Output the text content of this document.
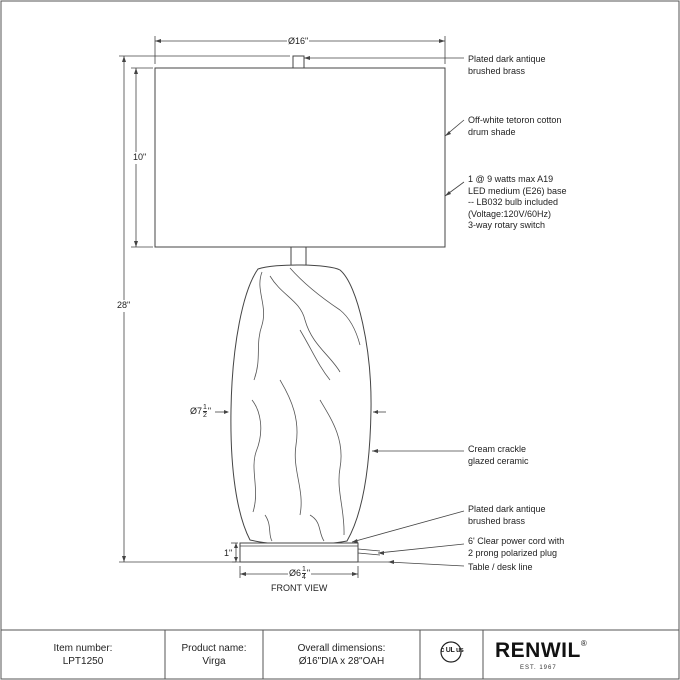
Ø16"
10"
28"
Ø7 $\frac{1}{2}$ "
1"
Ø6 $\frac{1}{4}$ "
FRONT VIEW
Plated dark antique
brushed brass
Off-white tetoron cotton
drum shade
1 @ 9 watts max A19
LED medium (E26) base
-- LB032 bulb included
(Voltage:120V/60Hz)
3-way rotary switch
Cream crackle
glazed ceramic
Plated dark antique
brushed brass
6' Clear power cord with
2 prong polarized plug
Table / desk line
Item number:
LPT1250
Product name:
Virga
Overall dimensions:
Ø16"DIA x 28"OAH
c UL us RENWIL®
EST. 1967
